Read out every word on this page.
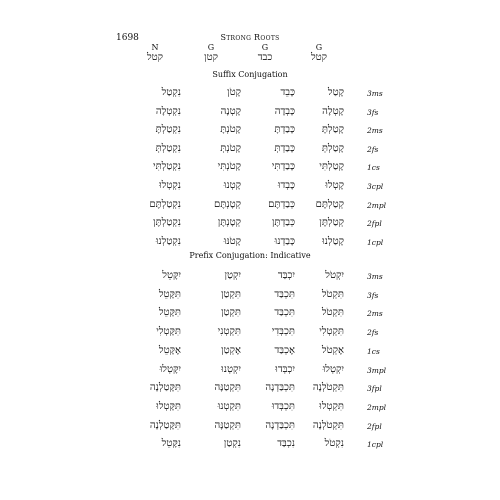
1698	Strong Roots
N	G	G	G
קטל	קטן	כבד	קטל
Suffix Conjugation
נִקְטַל	קָטֹן	כָּבֵד	קָטַל	3ms
נִקְטְלָה	קָטְנָה	כָּבְדָה	קָטְלָה	3fs
נִקְטַלְתָּ	קָטֹנְתָּ	כָּבַדְתָּ	קָטַלְתָּ	2ms
נִקְטַלְתְּ	קָטֹנְתְּ	כָּבַדְתְּ	קָטַלְתְּ	2fs
נִקְטַלְתִּי	קָטֹנְתִּי	כָּבַדְתִּי	קָטַלְתִּי	1cs
נִקְטְלוּ	קָטְנוּ	כָּבְדוּ	קָטְלוּ	3cpl
נִקְטַלְתֶּם	קְטָנְתֶּם	כְּבַדְתֶּם	קְטַלְתֶּם	2mpl
נִקְטַלְתֶּן	קְטָנְתֶּן	כְּבַדְתֶּן	קְטַלְתֶּן	2fpl
נִקְטַלְנוּ	קָטֹנּוּ	כָּבַדְנוּ	קָטַלְנוּ	1cpl
Prefix Conjugation: Indicative
יִקָּטֵל	יִקְטַן	יִכְבַּד	יִקְטֹל	3ms
תִּקָּטֵל	תִּקְטַן	תִּכְבַּד	תִּקְטֹל	3fs
תִּקָּטֵל	תִּקְטַן	תִּכְבַּד	תִּקְטֹל	2ms
תִּקָּטְלִי	תִּקְטְנִי	תִּכְבְּדִי	תִּקְטְלִי	2fs
אֶקָּטֵל	אֶקְטַן	אֶכְבַּד	אֶקְטֹל	1cs
יִקָּטְלוּ	יִקְטְנוּ	יִכְבְּדוּ	יִקְטְלוּ	3mpl
תִּקָּטַלְנָה	תִּקְטַנָּה	תִּכְבַּדְנָה	תִּקְטֹלְנָה	3fpl
תִּקָּטְלוּ	תִּקְטְנוּ	תִּכְבְּדוּ	תִּקְטְלוּ	2mpl
תִּקָּטַלְנָה	תִּקְטַנָּה	תִּכְבַּדְנָה	תִּקְטֹלְנָה	2fpl
נִקָּטֵל	נִקְטַן	נִכְבַּד	נִקְטֹל	1cpl
